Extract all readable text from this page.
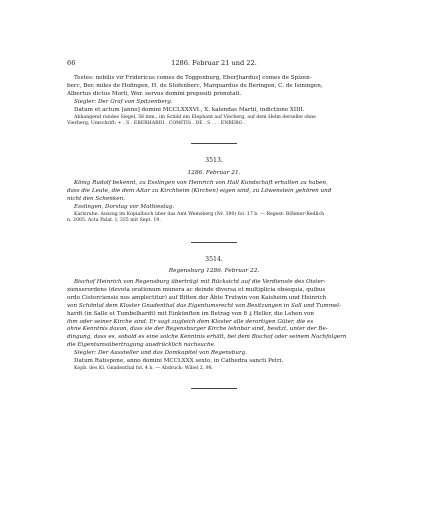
66	1286. Februar 21 und 22.

Testes: nobilis vir Fridericus comes de Toggenburg, Eber[hardus] comes de Spizen-

berc, Ber. miles de Hofingen, H. de Stofenberc, Marquardus de Beringen, C. de Isiningen,

Albertus dictus Morli, Wer. servus domini prepositi prenotati.

Siegler: Der Graf von Spitzenberg.

Datum et actum [anno] domini MCCLXXXVI., X. kalendas Martii, indictione XIIII.

Abhangend rundes Siegel, 56 mm., im Schild ein Elephant auf Vierberg, auf dem Helm derselbe ohne

Vierberg; Umschrift: + . S . EBERHARDI . COMITIS . DE . S . . . ENBERG .

3513.
1286. Februar 21.

König Rudolf bekennt, zu Esslingen von Heinrich von Hall Kundschaft erhalten zu haben,

dass die Leute, die dem Altar zu Kirchheim (Kirchen) eigen sind, zu Löwenstein gehören und

nicht den Schenken.

Esslingen, Dorstag vor Mathiestag.

Karlsruhe. Auszug im Kopialbuch über das Amt Weinsberg (Nr. 390) fol. 17 b. — Regest: Böhmer-Redlich

n. 2005. Acta Palat. I, 335 mit Sept. 19.

3514.
Regensburg 1286. Februar 22.

Bischof Heinrich von Regensburg überträgt mit Rücksicht auf die Verdienste des Oister-

zienserordens (devota orationum munera ac deinde diversa et multiplicia obsequia, quibus

ordo Cisterciensis nos amplectitur) auf Bitten der Äbte Trutwin von Kaisheim und Heinrich

von Schöntal dem Kloster Gnadenthal das Eigentumsrecht von Besitzungen in Sall und Tummel-

hardt (in Salle et Tumbelhardt) mit Einkünften im Betrag von 8 ₰ Heller, die Lehen von

ihm oder seiner Kirche sind. Er sagt zugleich dem Kloster alle derartigen Güter, die es

ohne Kenntnis davon, dass sie der Regensburger Kirche lehnbar sind, besitzt, unter der Be-

dingung, dass es, sobald es eine solche Kenntnis erhält, bei dem Bischof oder seinem Nachfolgern

die Eigentumsübertragung ausdrücklich nachsuche.

Siegler: Der Aussteller und das Domkapitel von Regensburg.

Datum Ratispone, anno domini MCCLXXX sexto, in Cathedra sancti Petri.

Kopb. des Kl. Gnadenthal fol. 4 b. — Abdruck: Wibel 2, 98.
